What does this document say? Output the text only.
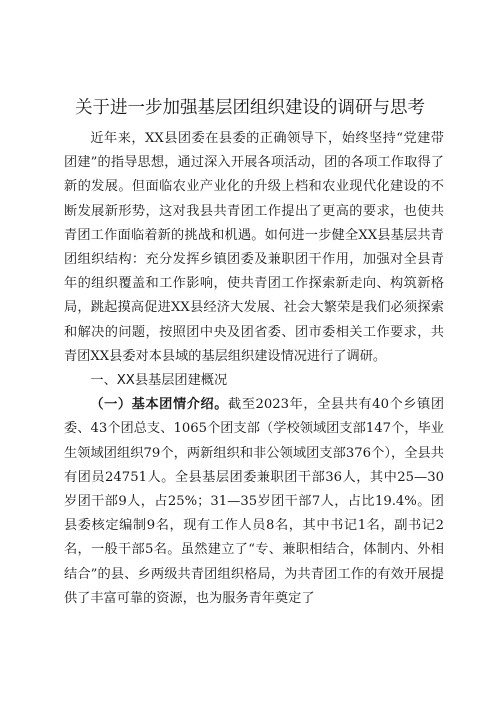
关于进一步加强基层团组织建设的调研与思考

近年来，XX县团委在县委的正确领导下，始终坚持“党建带团建”的指导思想，通过深入开展各项活动，团的各项工作取得了新的发展。但面临农业产业化的升级上档和农业现代化建设的不断发展新形势，这对我县共青团工作提出了更高的要求，也使共青团工作面临着新的挑战和机遇。如何进一步健全XX县基层共青团组织结构：充分发挥乡镇团委及兼职团干作用，加强对全县青年的组织覆盖和工作影响，使共青团工作探索新走向、构筑新格局，跳起摸高促进XX县经济大发展、社会大繁荣是我们必须探索和解决的问题，按照团中央及团省委、团市委相关工作要求，共青团XX县委对本县域的基层组织建设情况进行了调研。

一、XX县基层团建概况

（一）基本团情介绍。截至2023年，全县共有40个乡镇团委、43个团总支、1065个团支部（学校领域团支部147个，毕业生领域团组织79个，两新组织和非公领域团支部376个），全县共有团员24751人。全县基层团委兼职团干部36人，其中25—30岁团干部9人，占25%；31—35岁团干部7人，占比19.4%。团县委核定编制9名，现有工作人员8名，其中书记1名，副书记2名，一般干部5名。虽然建立了“专、兼职相结合，体制内、外相结合”的县、乡两级共青团组织格局，为共青团工作的有效开展提供了丰富可靠的资源，也为服务青年奠定了
